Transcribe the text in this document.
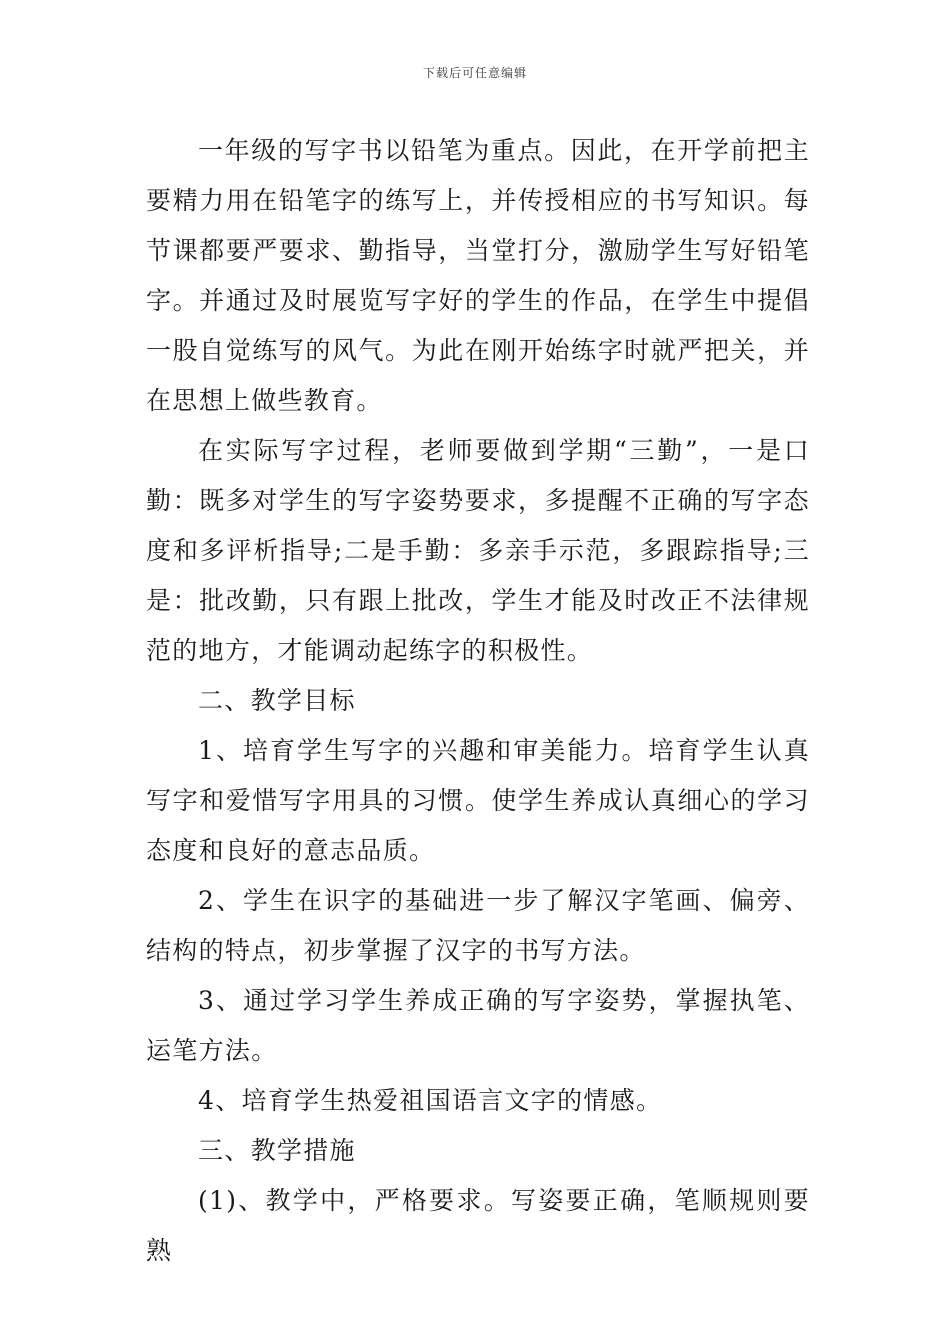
下载后可任意编辑

一年级的写字书以铅笔为重点。因此，在开学前把主要精力用在铅笔字的练写上，并传授相应的书写知识。每节课都要严要求、勤指导，当堂打分，激励学生写好铅笔字。并通过及时展览写字好的学生的作品，在学生中提倡一股自觉练写的风气。为此在刚开始练字时就严把关，并在思想上做些教育。

在实际写字过程，老师要做到学期“三勤”，一是口勤：既多对学生的写字姿势要求，多提醒不正确的写字态度和多评析指导;二是手勤：多亲手示范，多跟踪指导;三是：批改勤，只有跟上批改，学生才能及时改正不法律规范的地方，才能调动起练字的积极性。

二、教学目标

1、培育学生写字的兴趣和审美能力。培育学生认真写字和爱惜写字用具的习惯。使学生养成认真细心的学习态度和良好的意志品质。

2、学生在识字的基础进一步了解汉字笔画、偏旁、结构的特点，初步掌握了汉字的书写方法。

3、通过学习学生养成正确的写字姿势，掌握执笔、运笔方法。

4、培育学生热爱祖国语言文字的情感。

三、教学措施

(1)、教学中，严格要求。写姿要正确，笔顺规则要熟
